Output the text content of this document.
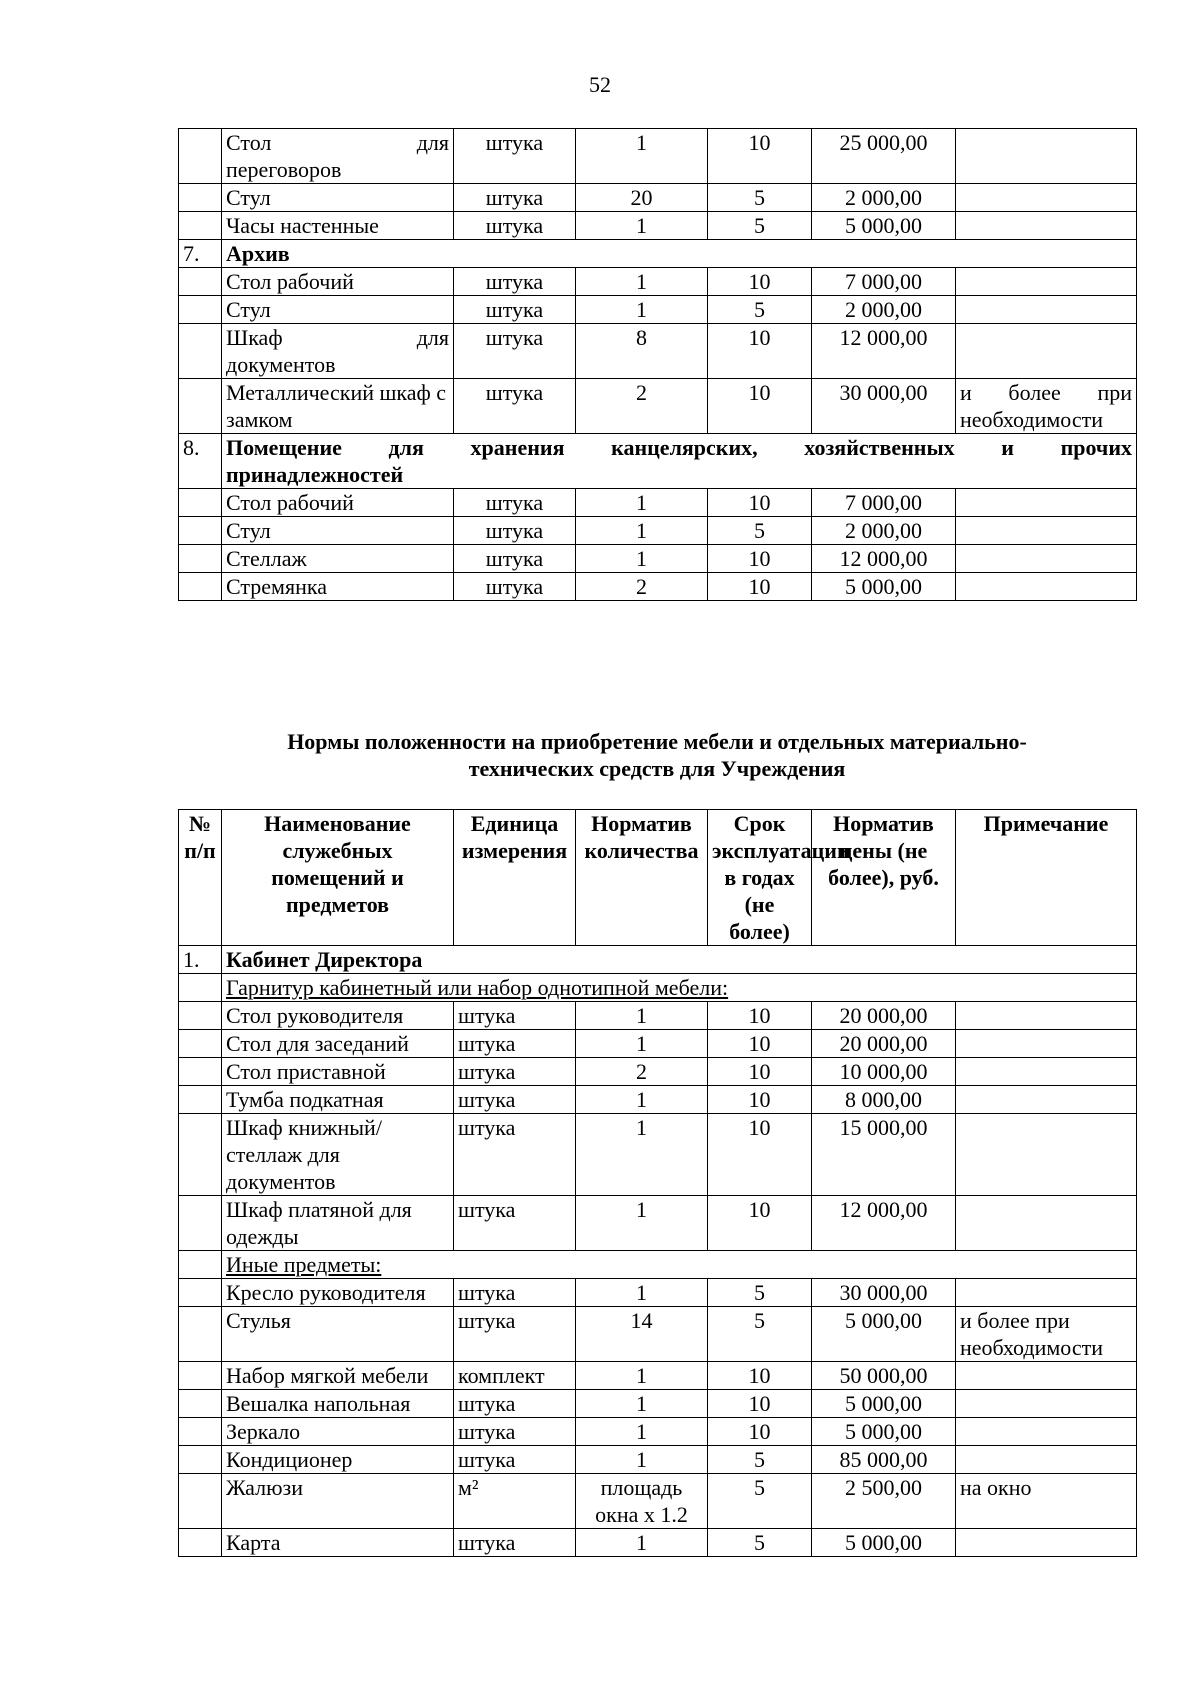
52

	Стол для
переговоров	штука	1	10	25 000,00	
	Стул	штука	20	5	2 000,00	
	Часы настенные	штука	1	5	5 000,00	
7.	Архив					
	Стол рабочий	штука	1	10	7 000,00	
	Стул	штука	1	5	2 000,00	

	Шкаф для
документов	штука	8	10	12 000,00	
	Металлический шкаф с замком	штука	2	10	30 000,00	и более при
необходимости

8.	Помещение для хранения канцелярских, хозяйственных и прочих
принадлежностей					

	Стол рабочий	штука	1	10	7 000,00	
	Стул	штука	1	5	2 000,00	
	Стеллаж	штука	1	10	12 000,00	
	Стремянка	штука	2	10	5 000,00	
Нормы положенности на приобретение мебели и отдельных материально-
технических средств для Учреждения
№ п/п	Наименование служебных помещений и предметов	Единица измерения	Норматив количества	Срок эксплуатации в годах (не более)	Норматив цены (не более), руб.	Примечание
1.	Кабинет Директора					
	Гарнитур кабинетный или набор однотипной мебели:					
	Стол руководителя	штука	1	10	20 000,00	
	Стол для заседаний	штука	1	10	20 000,00	
	Стол приставной	штука	2	10	10 000,00	
	Тумба подкатная	штука	1	10	8 000,00	
	Шкаф книжный/стеллаж для документов	штука	1	10	15 000,00	
	Шкаф платяной для одежды	штука	1	10	12 000,00	
	Иные предметы:					
	Кресло руководителя	штука	1	5	30 000,00	
	Стулья	штука	14	5	5 000,00	и более при необходимости
	Набор мягкой мебели	комплект	1	10	50 000,00	
	Вешалка напольная	штука	1	10	5 000,00	
	Зеркало	штука	1	10	5 000,00	
	Кондиционер	штука	1	5	85 000,00	
	Жалюзи	м²	площадь окна х 1.2	5	2 500,00	на окно
	Карта	штука	1	5	5 000,00	
